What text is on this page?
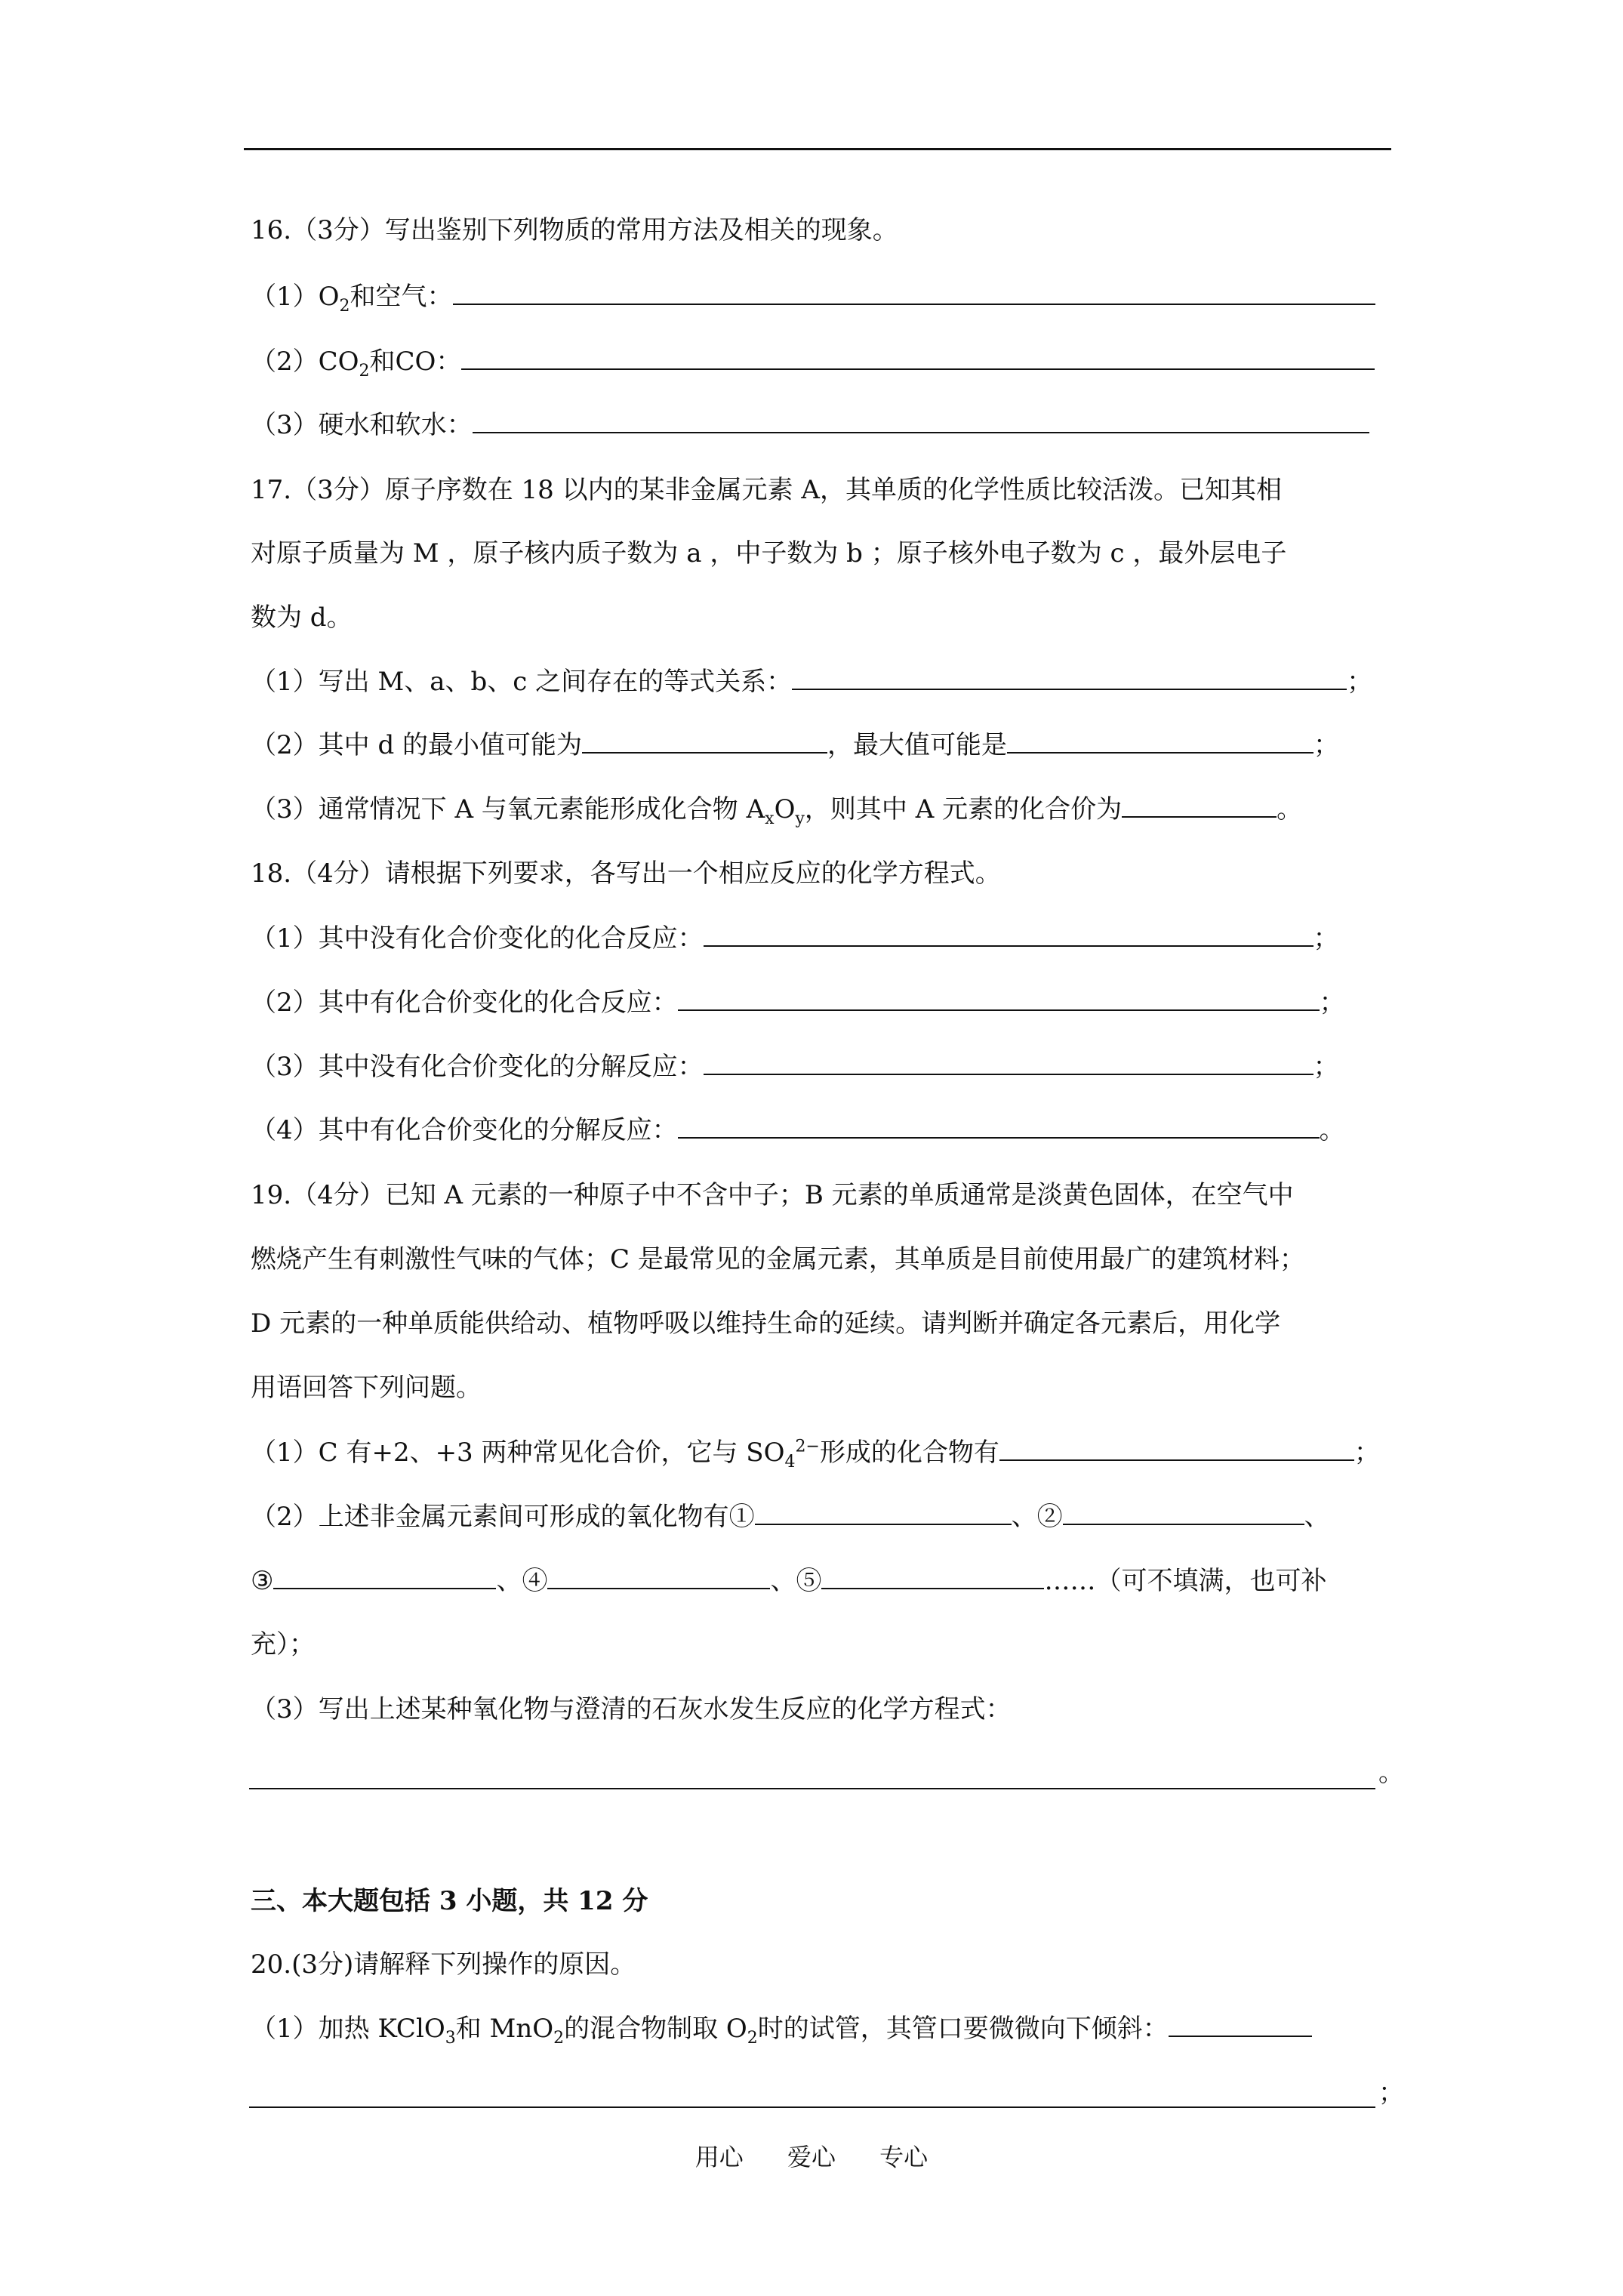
16.（3分）写出鉴别下列物质的常用方法及相关的现象。
$(1)O_2$和空气：
$(2)CO_2$和CO：
（3）硬水和软水：
17.（3分）原子序数在 18 以内的某非金属元素 A，其单质的化学性质比较活泼。已知其相
对原子质量为 M ，原子核内质子数为 a ，中子数为 b ；原子核外电子数为 c ，最外层电子
数为 d。
（1）写出 M、a、b、c 之间存在的等式关系：	；
（2）其中 d 的最小值可能为	，最大值可能是	；
（3）通常情况下 A 与氧元素能形成化合物 $A_xO_y$，则其中 A 元素的化合价为	。
18.（4分）请根据下列要求，各写出一个相应反应的化学方程式。
（1）其中没有化合价变化的化合反应：	；
（2）其中有化合价变化的化合反应：	；
（3）其中没有化合价变化的分解反应：	；
（4）其中有化合价变化的分解反应：	。
19.（4分）已知 A 元素的一种原子中不含中子；B 元素的单质通常是淡黄色固体，在空气中
燃烧产生有刺激性气味的气体；C 是最常见的金属元素，其单质是目前使用最广的建筑材料；
D 元素的一种单质能供给动、植物呼吸以维持生命的延续。请判断并确定各元素后，用化学
用语回答下列问题。
（1）C 有+2、+3 两种常见化合价，它与 $SO_4^{2-}$形成的化合物有	；
（2）上述非金属元素间可形成的氧化物有①	、②	、
③	、④	、⑤	……（可不填满，也可补
充）；
（3）写出上述某种氧化物与澄清的石灰水发生反应的化学方程式：
。
三、本大题包括 3 小题，共 12 分
20.(3分)请解释下列操作的原因。
（1）加热 KClO$_3$和 MnO$_2$的混合物制取 $O_2$时的试管，其管口要微微向下倾斜：
；
用心 爱心 专心
